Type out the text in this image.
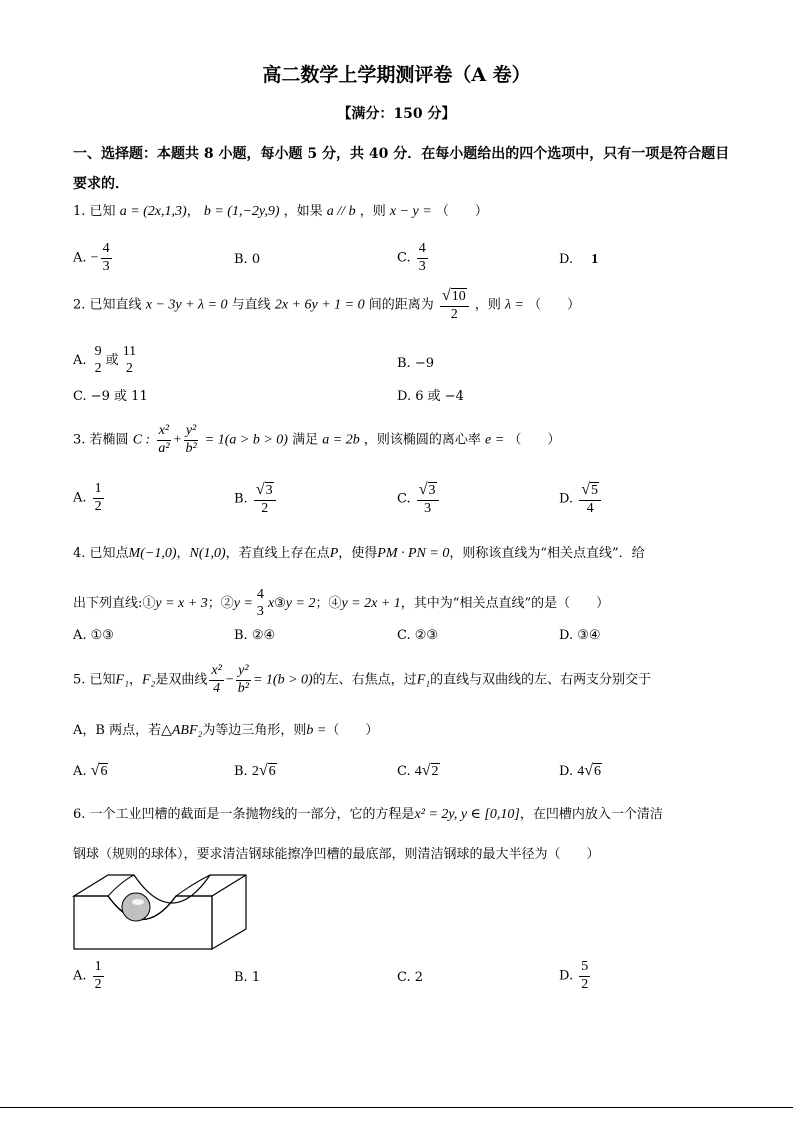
高二数学上学期测评卷（A 卷）
【满分：150 分】
一、选择题：本题共 8 小题，每小题 5 分，共 40 分．在每小题给出的四个选项中，只有一项是符合题目要求的．
1. 已知 a = (2x,1,3)， b = (1,−2y,9) ，如果 a // b ，则 x − y = （　　）
A. − $\frac{4}{3}$	B. 0	C. $\frac{4}{3}$	D. 1
2. 已知直线 x − 3y + λ = 0 与直线 2x + 6y + 1 = 0 间的距离为 $\frac{√ 10}{2}$ ，则 λ = （　　）
A.
9
2 或
11
2	B. −9
C. −9 或 11	D. 6 或 −4
3. 若椭圆 C : $\frac{\text{x²}}{\text{a²}} + \frac{\text{y²}}{\text{b²}} = 1(a > b > 0)$ 满足 a = 2b ，则该椭圆的离心率 e = （　　）
A. $\frac{1}{2}$	B. $\frac{√ 3}{2}$	C. $\frac{√ 3}{3}$	D. $\frac{√ 5}{4}$
4. 已知点M(−1,0)，N(1,0)，若直线上存在点P，使得PM · PN = 0，则称该直线为“相关点直线”．给
出下列直线:①y = x + 3；②y =
4
3 x③y = 2；④y = 2x + 1，其中为“相关点直线”的是（　　）
A. ①③	B. ②④	C. ②③	D. ③④
5. 已知F₁，F₂是双曲线 $\frac{\text{x²}}{4} - \frac{\text{y²}}{\text{b²}} = 1(b > 0)$的左、右焦点，过F₁的直线与双曲线的左、右两支分别交于
A，B 两点，若△ABF₂为等边三角形，则b =（　　）
A. √ 6	B. 2 √ 6	C. 4 √ 2	D. 4 √ 6
6. 一个工业凹槽的截面是一条抛物线的一部分，它的方程是x² = 2y, y ∈ [0,10]，在凹槽内放入一个清洁
钢球（规则的球体），要求清洁钢球能擦净凹槽的最底部，则清洁钢球的最大半径为（　　）
A. $\frac{1}{2}$	B. 1	C. 2	D. $\frac{5}{2}$
